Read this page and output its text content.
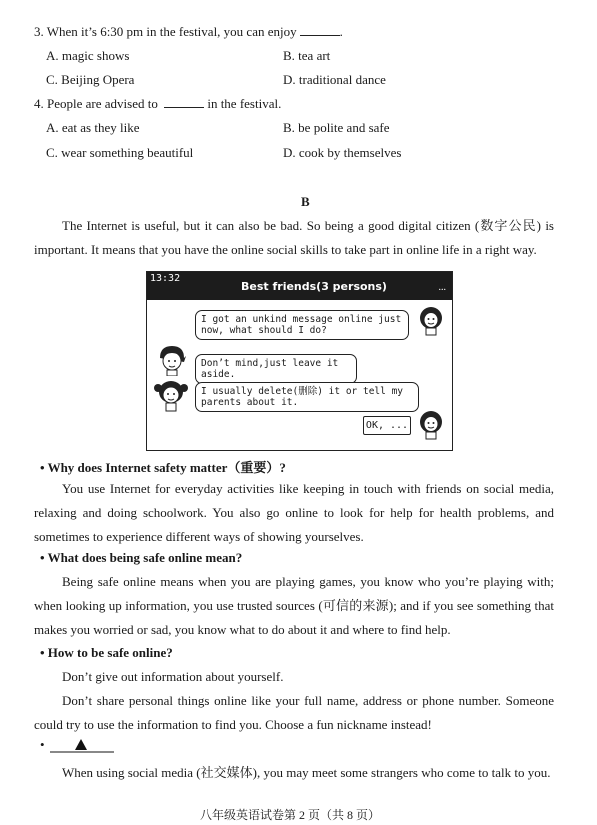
3. When it’s 6:30 pm in the festival, you can enjoy	.
A. magic shows	B. tea art
C. Beijing Opera	D. traditional dance
4. People are advised to	in the festival.
A. eat as they like	B. be polite and safe
C. wear something beautiful	D. cook by themselves
B
The Internet is useful, but it can also be bad. So being a good digital citizen (数字公民) is important. It means that you have the online social skills to take part in online life in a right way.
13:32
Best friends(3 persons)	...
I got an unkind message online just now, what should I do?
Don’t mind,just leave it aside.
I usually delete(删除) it or tell my parents about it.
OK, ...
• Why does Internet safety matter（重要）?
You use Internet for everyday activities like keeping in touch with friends on social media, relaxing and doing schoolwork. You also go online to look for help for health problems, and sometimes to experience different ways of showing yourselves.
• What does being safe online mean?
Being safe online means when you are playing games, you know who you’re playing with; when looking up information, you use trusted sources (可信的来源); and if you see something that makes you worried or sad, you know what to do about it and where to find help.
• How to be safe online?
Don’t give out information about yourself.
Don’t share personal things online like your full name, address or phone number. Someone could try to use the information to find you. Choose a fun nickname instead!
•
When using social media (社交媒体), you may meet some strangers who come to talk to you.
八年级英语试卷第 2 页（共 8 页）
